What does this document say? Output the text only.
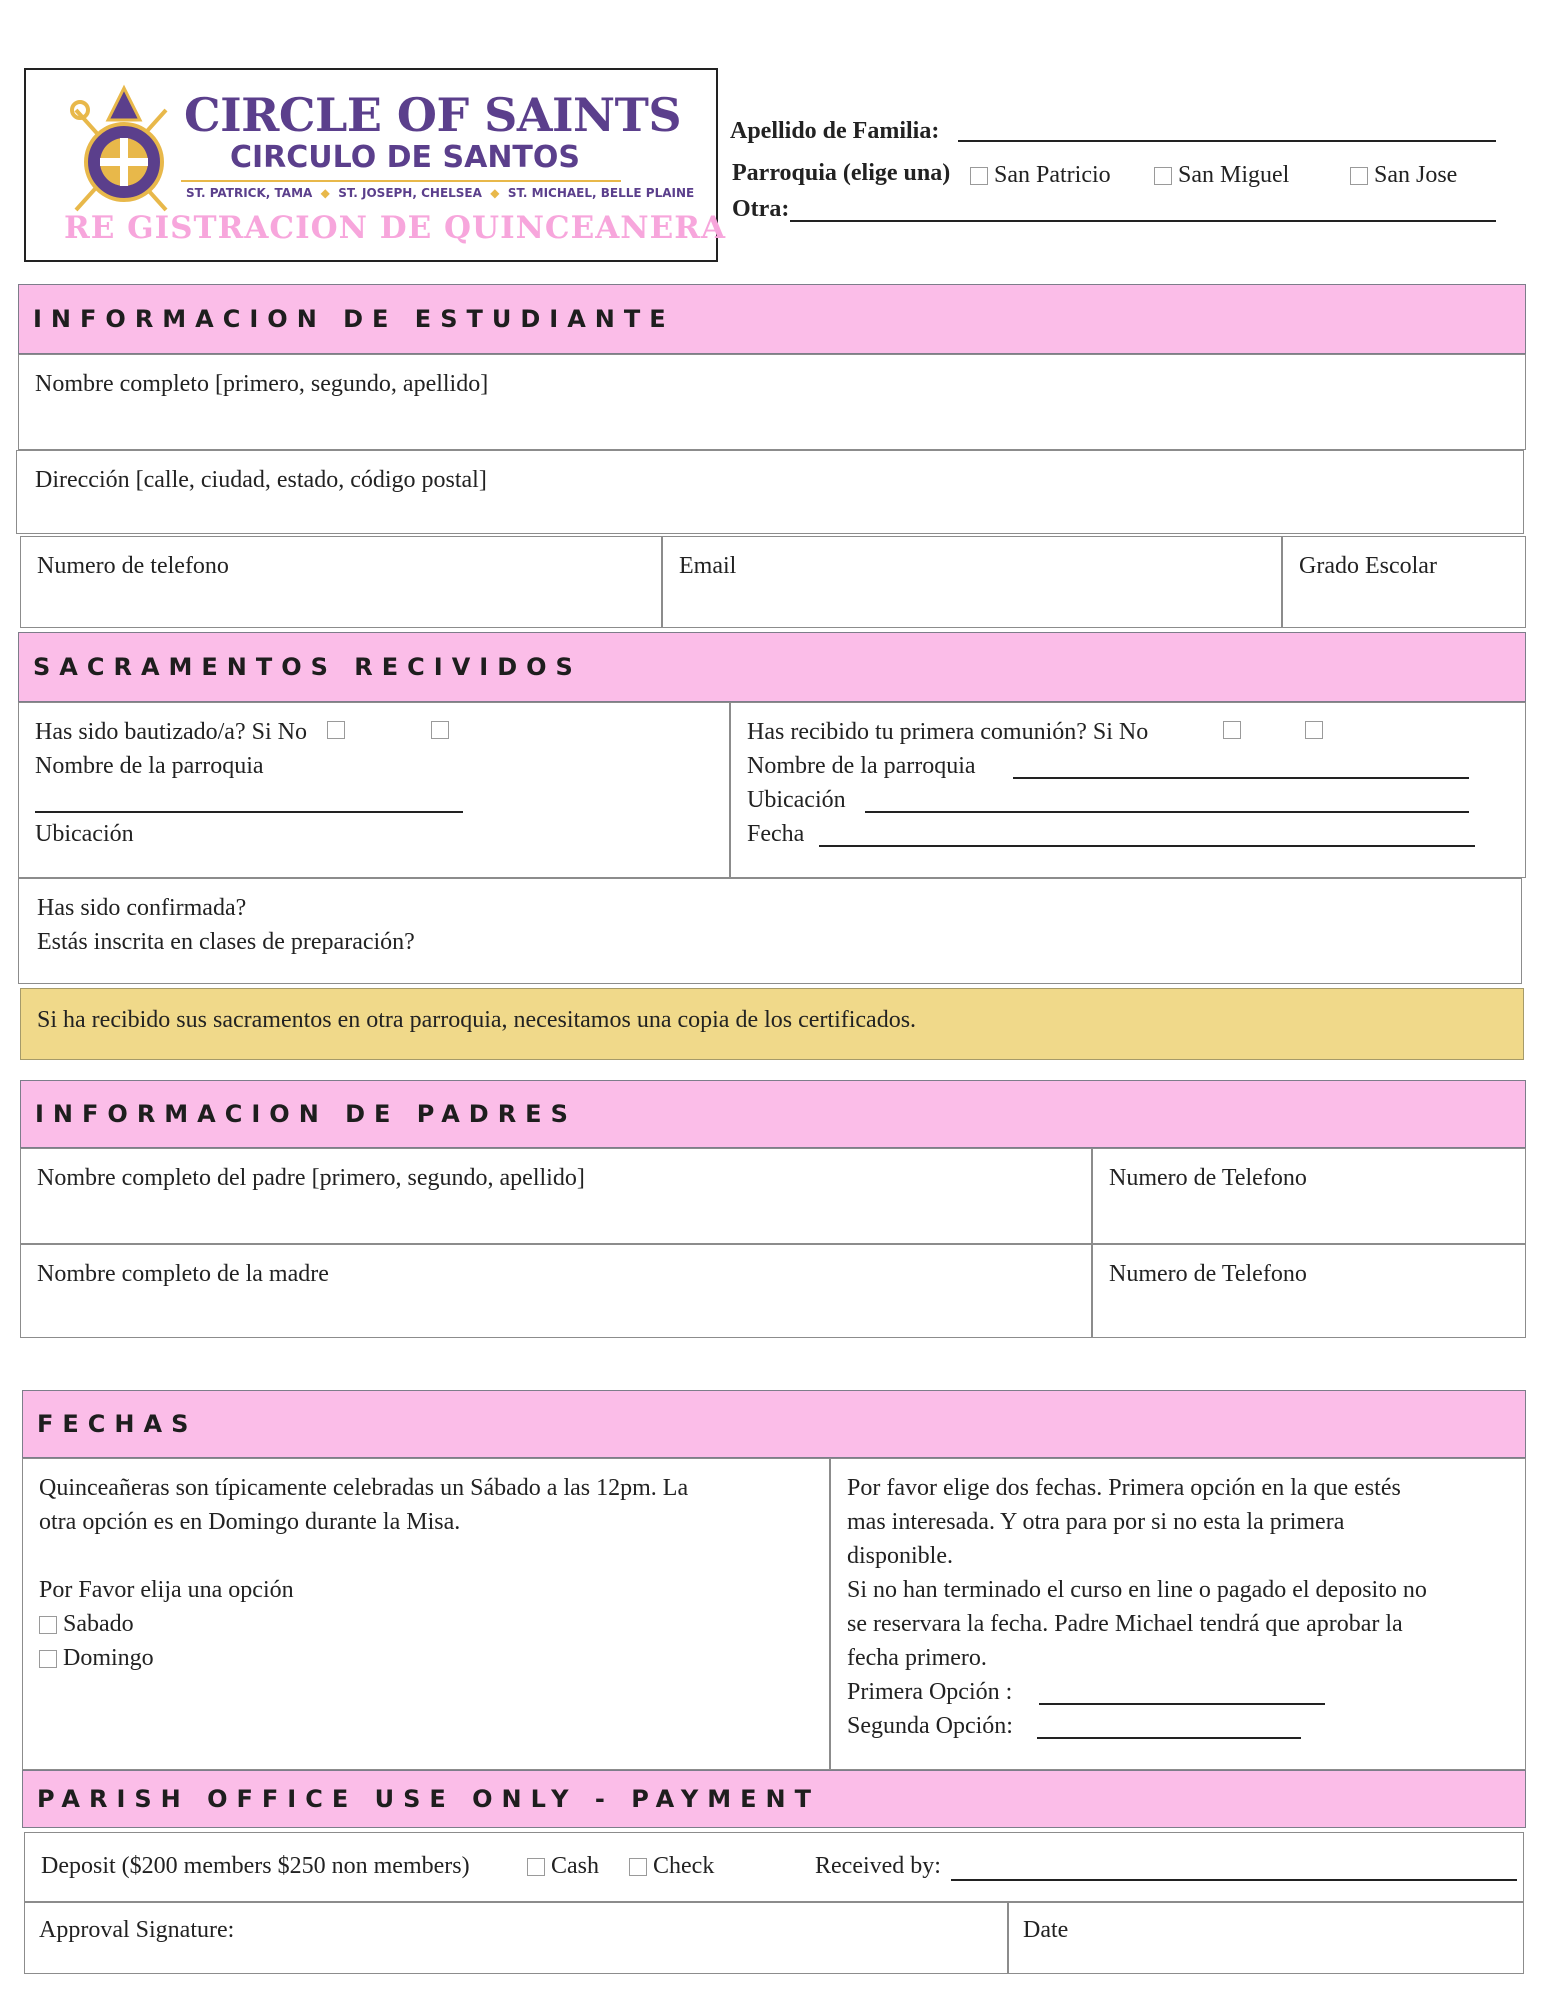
CIRCLE OF SAINTS
CIRCULO DE SANTOS
ST. PATRICK, TAMA  ◆  ST. JOSEPH, CHELSEA  ◆  ST. MICHAEL, BELLE PLAINE
RE GISTRACION DE QUINCEANERA
Apellido de Familia:
Parroquia (elige una)	San Patricio	San Miguel	San Jose
Otra:
INFORMACION DE ESTUDIANTE
Nombre completo [primero, segundo, apellido]
Dirección [calle, ciudad, estado, código postal]
Numero de telefono	Email	Grado Escolar
SACRAMENTOS RECIVIDOS
Has sido bautizado/a? Si No
Nombre de la parroquia
Ubicación
Has recibido tu primera comunión? Si No
Nombre de la parroquia
Ubicación
Fecha
Has sido confirmada?
Estás inscrita en clases de preparación?
Si ha recibido sus sacramentos en otra parroquia, necesitamos una copia de los certificados.
INFORMACION DE PADRES
Nombre completo del padre [primero, segundo, apellido]	Numero de Telefono
Nombre completo de la madre	Numero de Telefono
FECHAS
Quinceañeras son típicamente celebradas un Sábado a las 12pm. La
otra opción es en Domingo durante la Misa.
Por Favor elija una opción
Sabado
Domingo
Por favor elige dos fechas. Primera opción en la que estés
mas interesada. Y otra para por si no esta la primera
disponible.
Si no han terminado el curso en line o pagado el deposito no
se reservara la fecha. Padre Michael tendrá que aprobar la
fecha primero.
Primera Opción :
Segunda Opción:
PARISH OFFICE USE ONLY - PAYMENT
Deposit ($200 members $250 non members)	Cash	Check	Received by:
Approval Signature:	Date
